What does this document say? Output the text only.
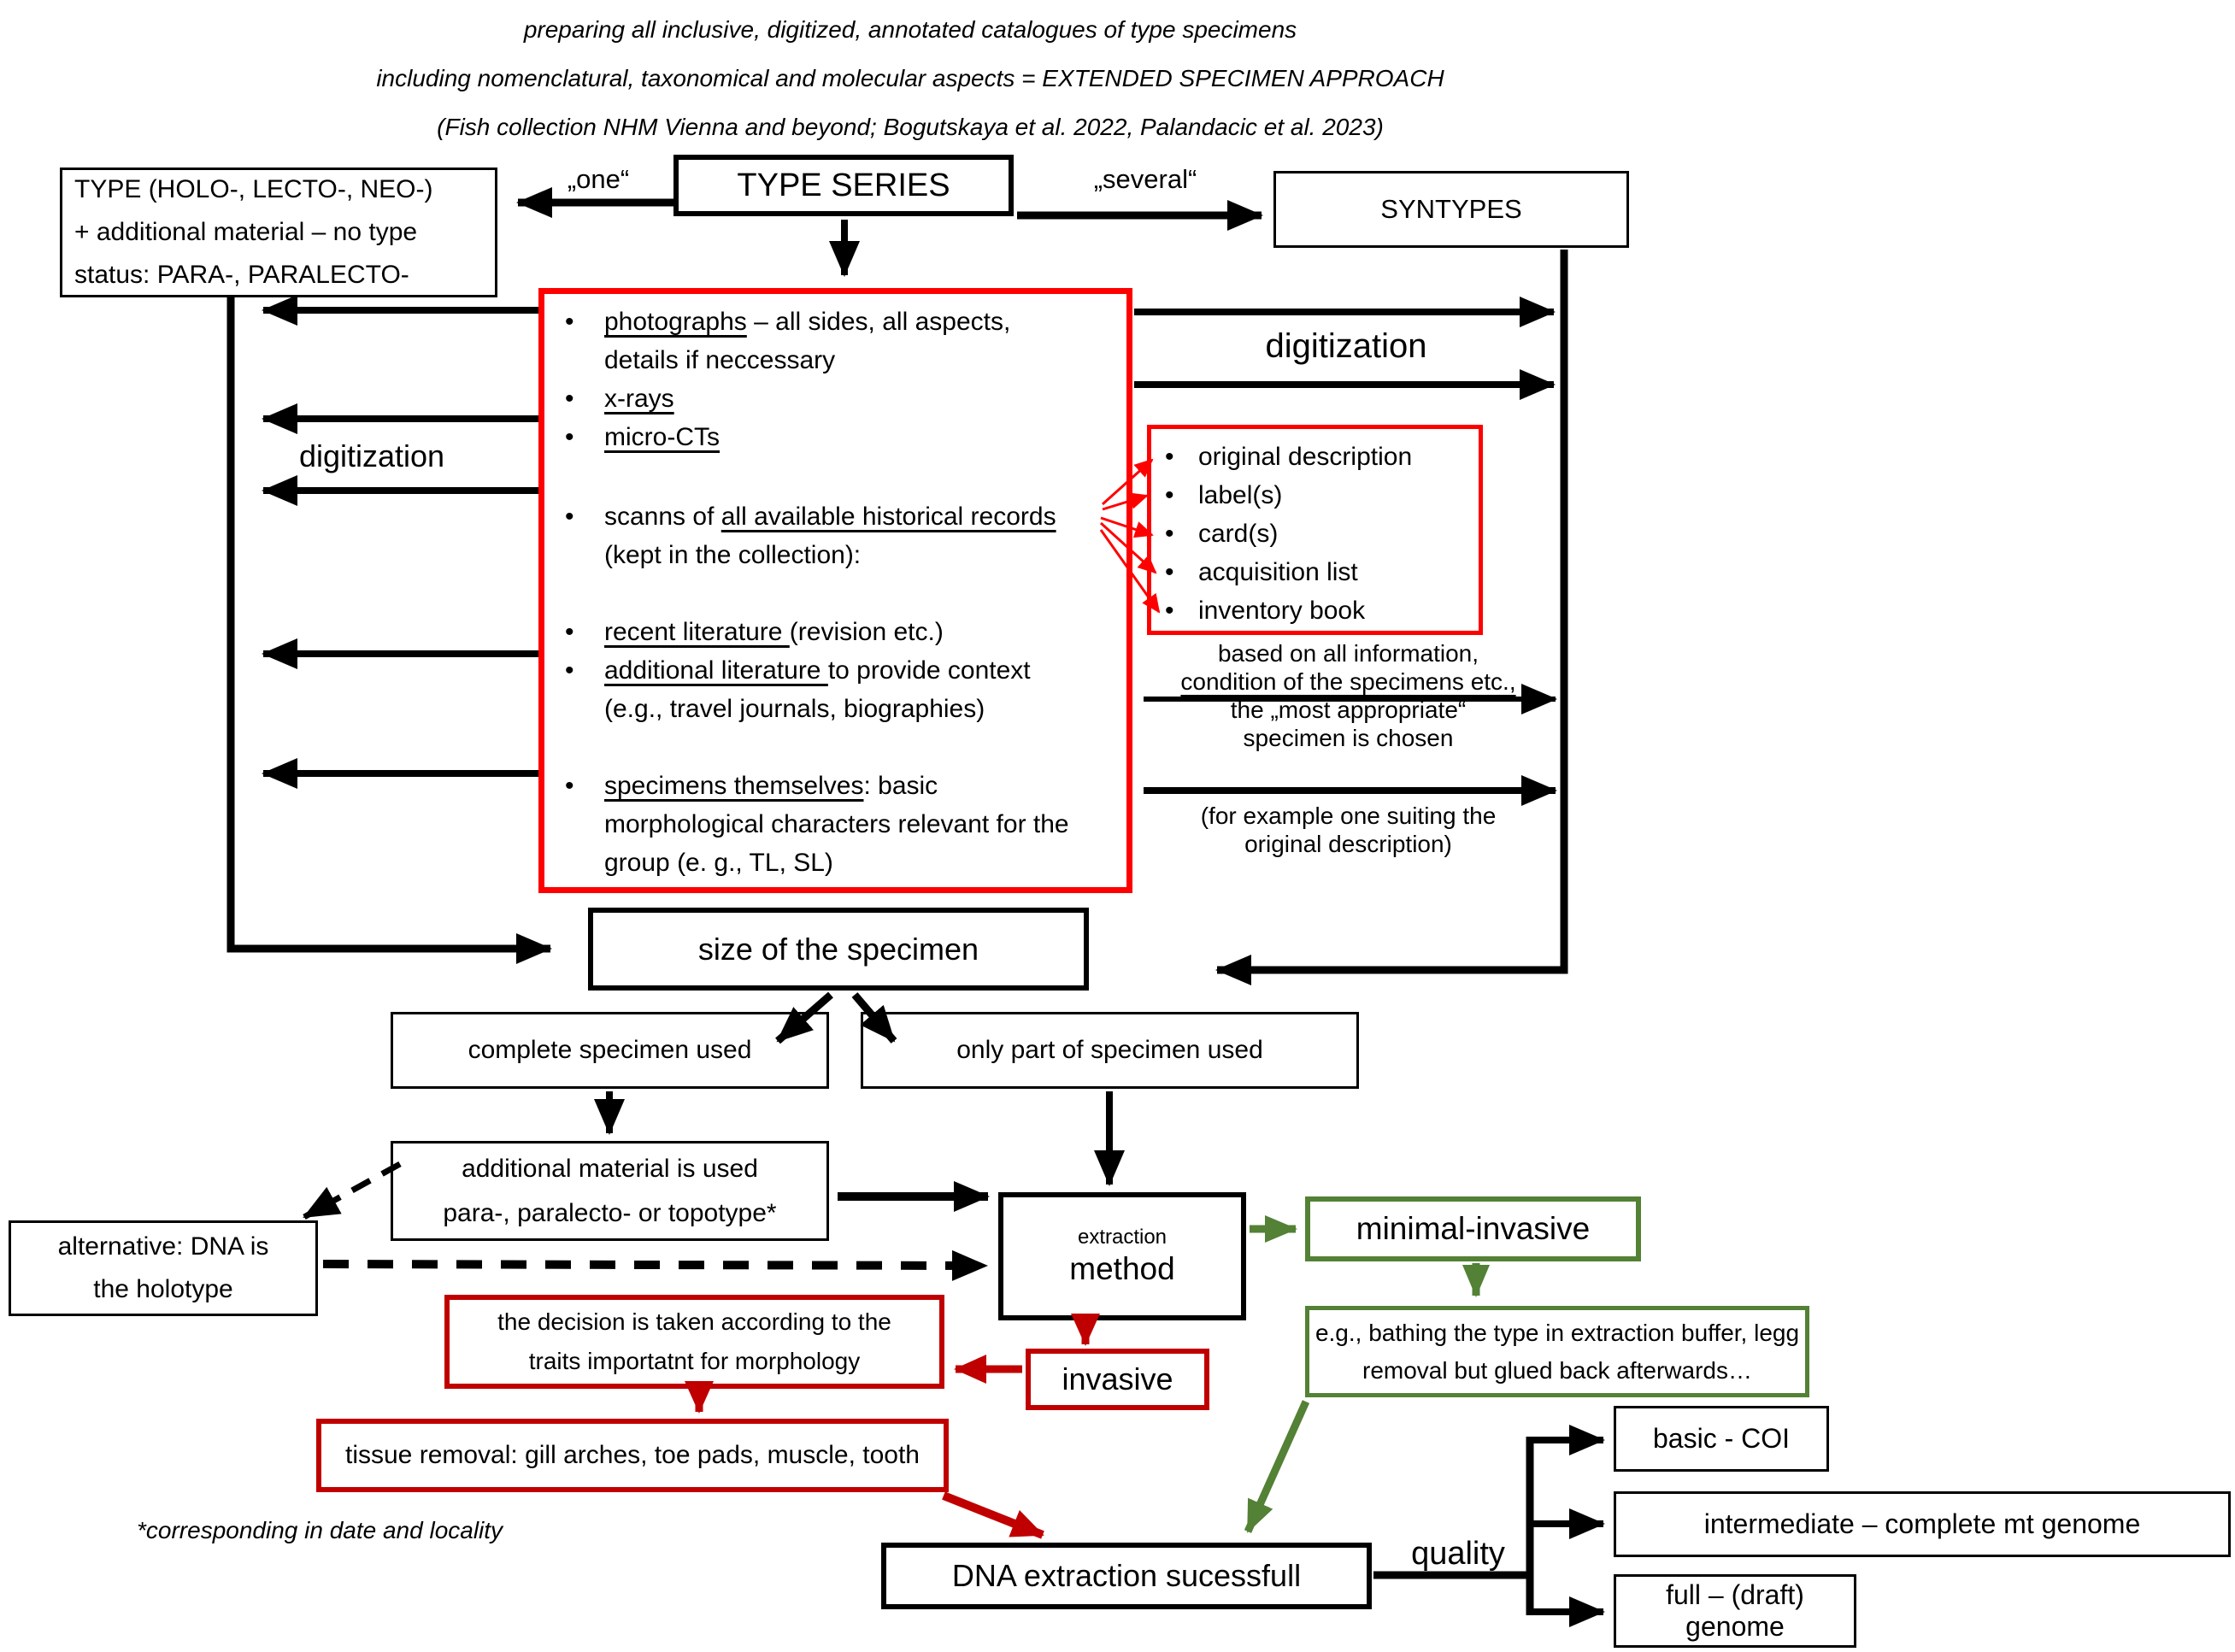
preparing all inclusive, digitized, annotated catalogues of type specimens
including nomenclatural, taxonomical and molecular aspects = EXTENDED SPECIMEN APPROACH
(Fish collection NHM Vienna and beyond; Bogutskaya et al. 2022, Palandacic et al. 2023)
TYPE (HOLO-, LECTO-, NEO-)
+ additional material – no type
status: PARA-, PARALECTO-
TYPE SERIES
SYNTYPES
„one“	„several“
digitization
digitization
• photographs – all sides, all aspects,
details if neccessary
• x-rays
• micro-CTs
• scanns of all available historical records
(kept in the collection):
• recent literature (revision etc.)
• additional literature to provide context
(e.g., travel journals, biographies)
• specimens themselves: basic
morphological characters relevant for the
group (e. g., TL, SL)
• original description
• label(s)
• card(s)
• acquisition list
• inventory book
based on all information,
condition of the specimens etc.,
the „most appropriate“
specimen is chosen
(for example one suiting the
original description)
size of the specimen
complete specimen used	only part of specimen used
additional material is used
para-, paralecto- or topotype*
alternative: DNA is
the holotype
the decision is taken according to the
traits importatnt for morphology
tissue removal: gill arches, toe pads, muscle, tooth
*corresponding in date and locality
extraction
method
invasive
minimal-invasive
e.g., bathing the type in extraction buffer, legg
removal but glued back afterwards…
DNA extraction sucessfull
quality
basic - COI
intermediate – complete mt genome
full – (draft) genome
